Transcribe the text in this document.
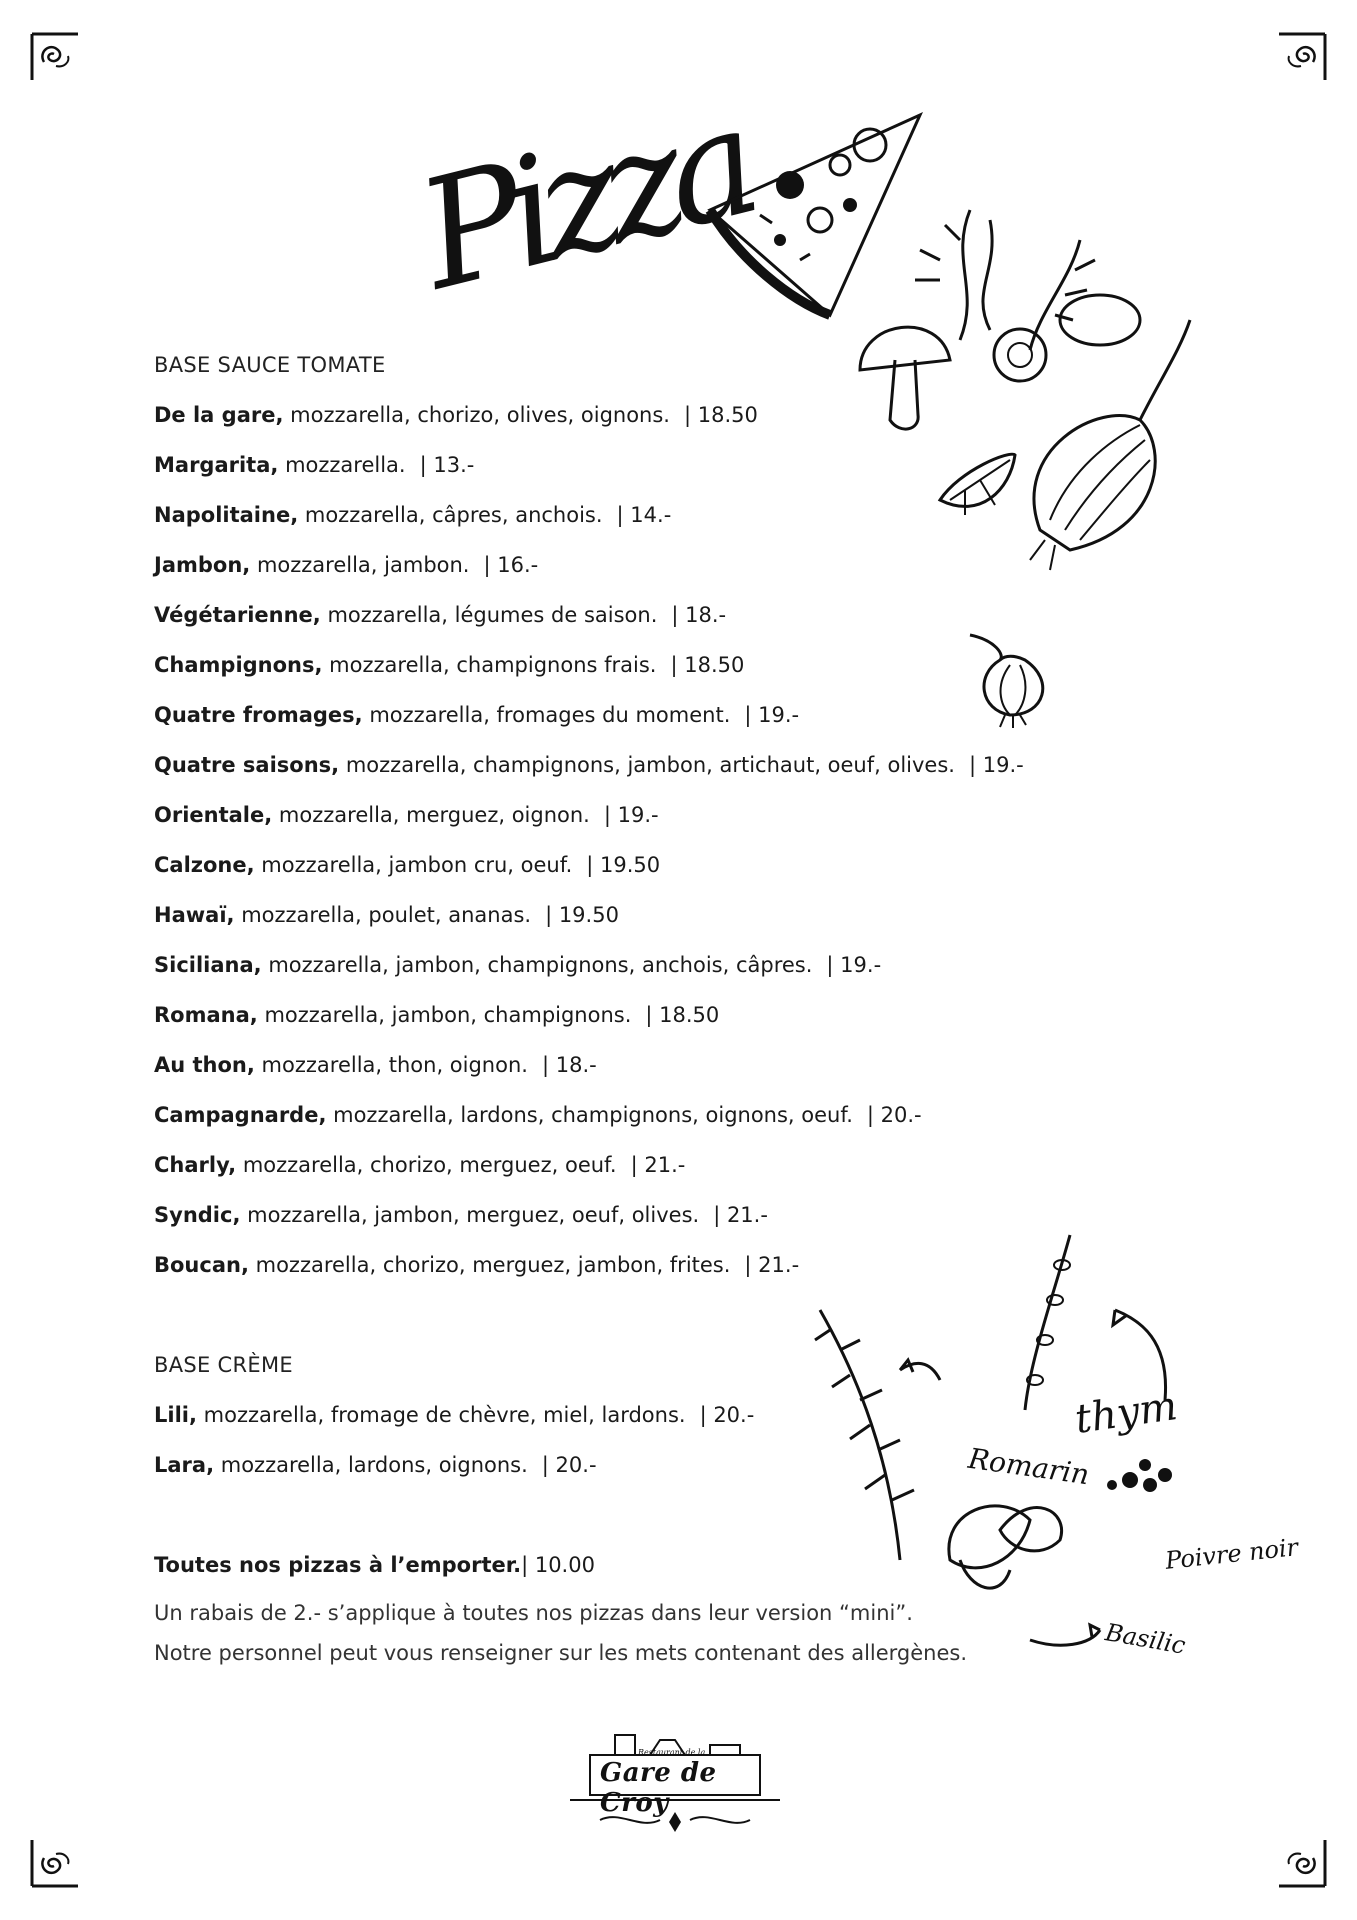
Pizza
BASE SAUCE TOMATE
De la gare, mozzarella, chorizo, olives, oignons. | 18.50
Margarita, mozzarella. | 13.-
Napolitaine, mozzarella, câpres, anchois. | 14.-
Jambon, mozzarella, jambon. | 16.-
Végétarienne, mozzarella, légumes de saison. | 18.-
Champignons, mozzarella, champignons frais. | 18.50
Quatre fromages, mozzarella, fromages du moment. | 19.-
Quatre saisons, mozzarella, champignons, jambon, artichaut, oeuf, olives. | 19.-
Orientale, mozzarella, merguez, oignon. | 19.-
Calzone, mozzarella, jambon cru, oeuf. | 19.50
Hawaï, mozzarella, poulet, ananas. | 19.50
Siciliana, mozzarella, jambon, champignons, anchois, câpres. | 19.-
Romana, mozzarella, jambon, champignons. | 18.50
Au thon, mozzarella, thon, oignon. | 18.-
Campagnarde, mozzarella, lardons, champignons, oignons, oeuf. | 20.-
Charly, mozzarella, chorizo, merguez, oeuf. | 21.-
Syndic, mozzarella, jambon, merguez, oeuf, olives. | 21.-
Boucan, mozzarella, chorizo, merguez, jambon, frites. | 21.-
BASE CRÈME
Lili, mozzarella, fromage de chèvre, miel, lardons. | 20.-
Lara, mozzarella, lardons, oignons. | 20.-
Toutes nos pizzas à l’emporter.| 10.00
Un rabais de 2.- s’applique à toutes nos pizzas dans leur version “mini”.
Notre personnel peut vous renseigner sur les mets contenant des allergènes.
Romarin
thym
Poivre noir
Basilic
Restaurant de la
Gare de Croy
